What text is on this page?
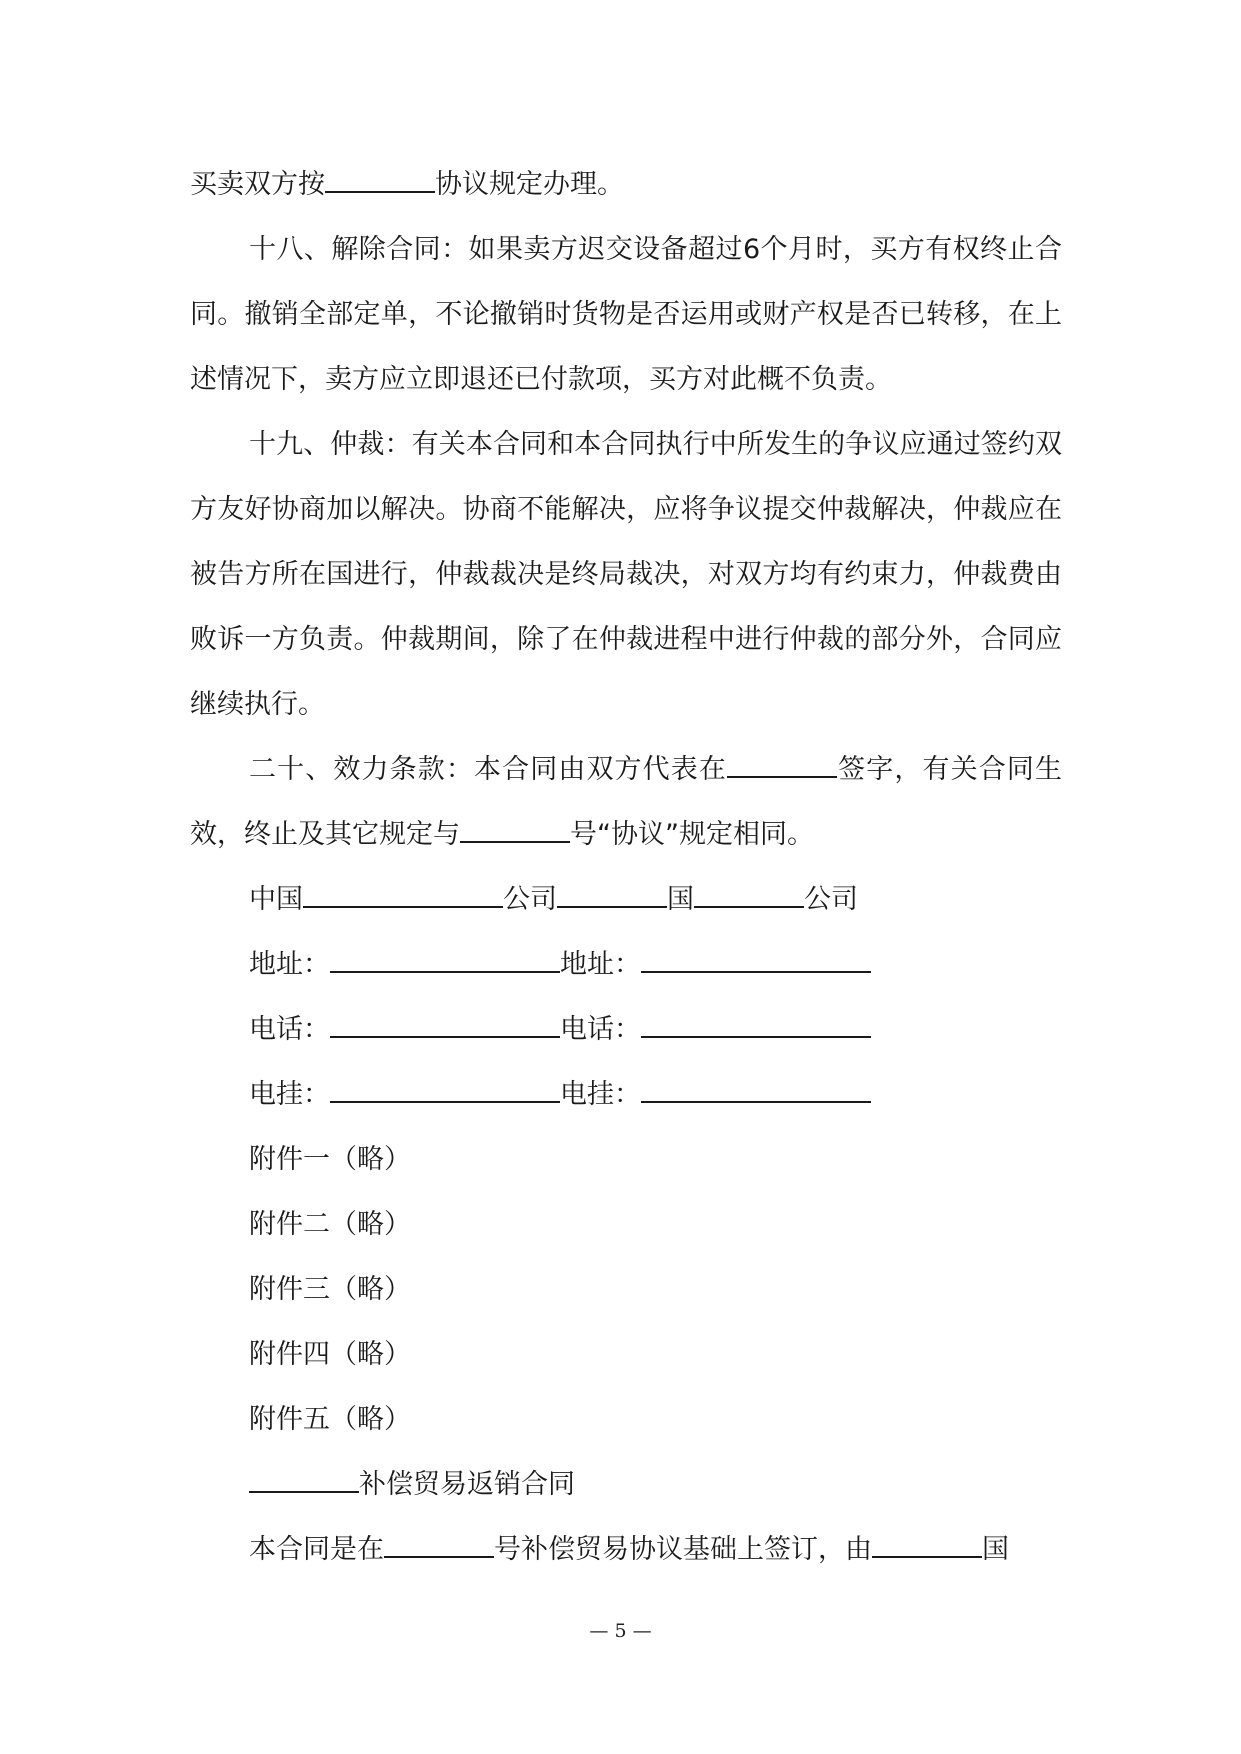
买卖双方按	协议规定办理。

十八、解除合同：如果卖方迟交设备超过6个月时，买方有权终止合同。撤销全部定单，不论撤销时货物是否运用或财产权是否已转移，在上述情况下，卖方应立即退还已付款项，买方对此概不负责。

十九、仲裁：有关本合同和本合同执行中所发生的争议应通过签约双方友好协商加以解决。协商不能解决，应将争议提交仲裁解决，仲裁应在被告方所在国进行，仲裁裁决是终局裁决，对双方均有约束力，仲裁费由败诉一方负责。仲裁期间，除了在仲裁进程中进行仲裁的部分外，合同应继续执行。

二十、效力条款：本合同由双方代表在	签字，有关合同生效，终止及其它规定与	号“协议”规定相同。

中国	公司	国	公司

地址：	地址：

电话：	电话：

电挂：	电挂：

附件一（略）

附件二（略）

附件三（略）

附件四（略）

附件五（略）

补偿贸易返销合同

本合同是在	号补偿贸易协议基础上签订，由	国

— 5 —
